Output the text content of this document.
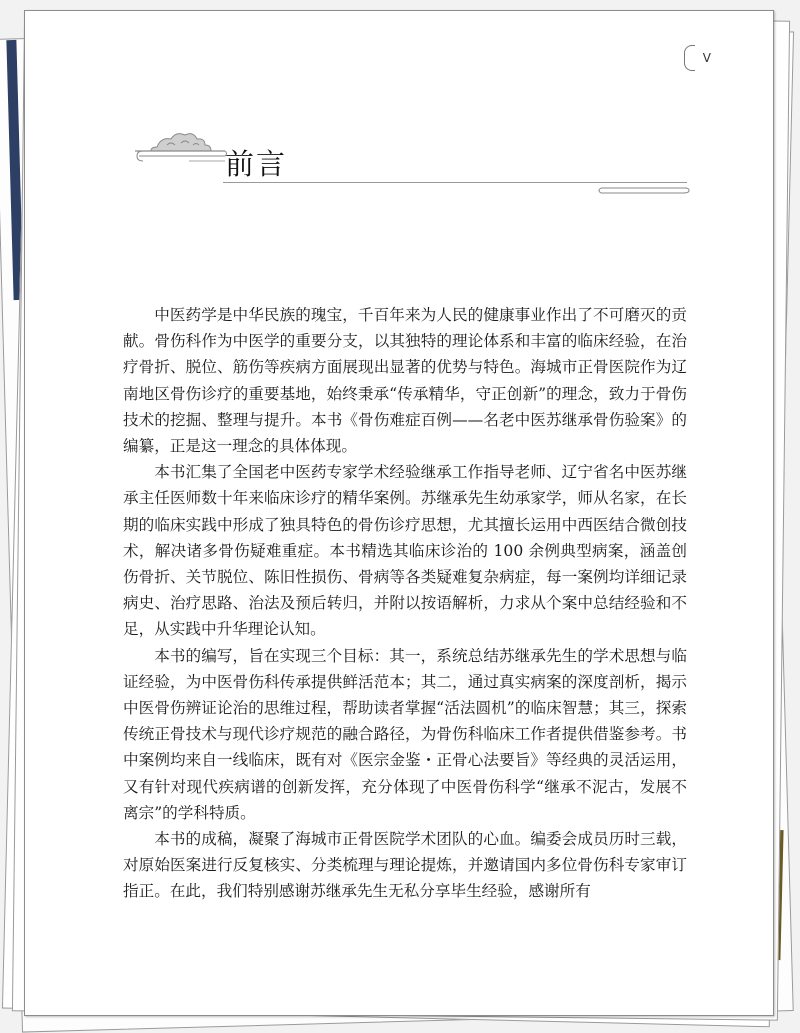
V
前言

中医药学是中华民族的瑰宝，千百年来为人民的健康事业作出了不可磨灭的贡献。骨伤科作为中医学的重要分支，以其独特的理论体系和丰富的临床经验，在治疗骨折、脱位、筋伤等疾病方面展现出显著的优势与特色。海城市正骨医院作为辽南地区骨伤诊疗的重要基地，始终秉承“传承精华，守正创新”的理念，致力于骨伤技术的挖掘、整理与提升。本书《骨伤难症百例——名老中医苏继承骨伤验案》的编纂，正是这一理念的具体体现。

本书汇集了全国老中医药专家学术经验继承工作指导老师、辽宁省名中医苏继承主任医师数十年来临床诊疗的精华案例。苏继承先生幼承家学，师从名家，在长期的临床实践中形成了独具特色的骨伤诊疗思想，尤其擅长运用中西医结合微创技术，解决诸多骨伤疑难重症。本书精选其临床诊治的 100 余例典型病案，涵盖创伤骨折、关节脱位、陈旧性损伤、骨病等各类疑难复杂病症，每一案例均详细记录病史、治疗思路、治法及预后转归，并附以按语解析，力求从个案中总结经验和不足，从实践中升华理论认知。

本书的编写，旨在实现三个目标：其一，系统总结苏继承先生的学术思想与临证经验，为中医骨伤科传承提供鲜活范本；其二，通过真实病案的深度剖析，揭示中医骨伤辨证论治的思维过程，帮助读者掌握“活法圆机”的临床智慧；其三，探索传统正骨技术与现代诊疗规范的融合路径，为骨伤科临床工作者提供借鉴参考。书中案例均来自一线临床，既有对《医宗金鉴・正骨心法要旨》等经典的灵活运用，又有针对现代疾病谱的创新发挥，充分体现了中医骨伤科学“继承不泥古，发展不离宗”的学科特质。

本书的成稿，凝聚了海城市正骨医院学术团队的心血。编委会成员历时三载，对原始医案进行反复核实、分类梳理与理论提炼，并邀请国内多位骨伤科专家审订指正。在此，我们特别感谢苏继承先生无私分享毕生经验，感谢所有
